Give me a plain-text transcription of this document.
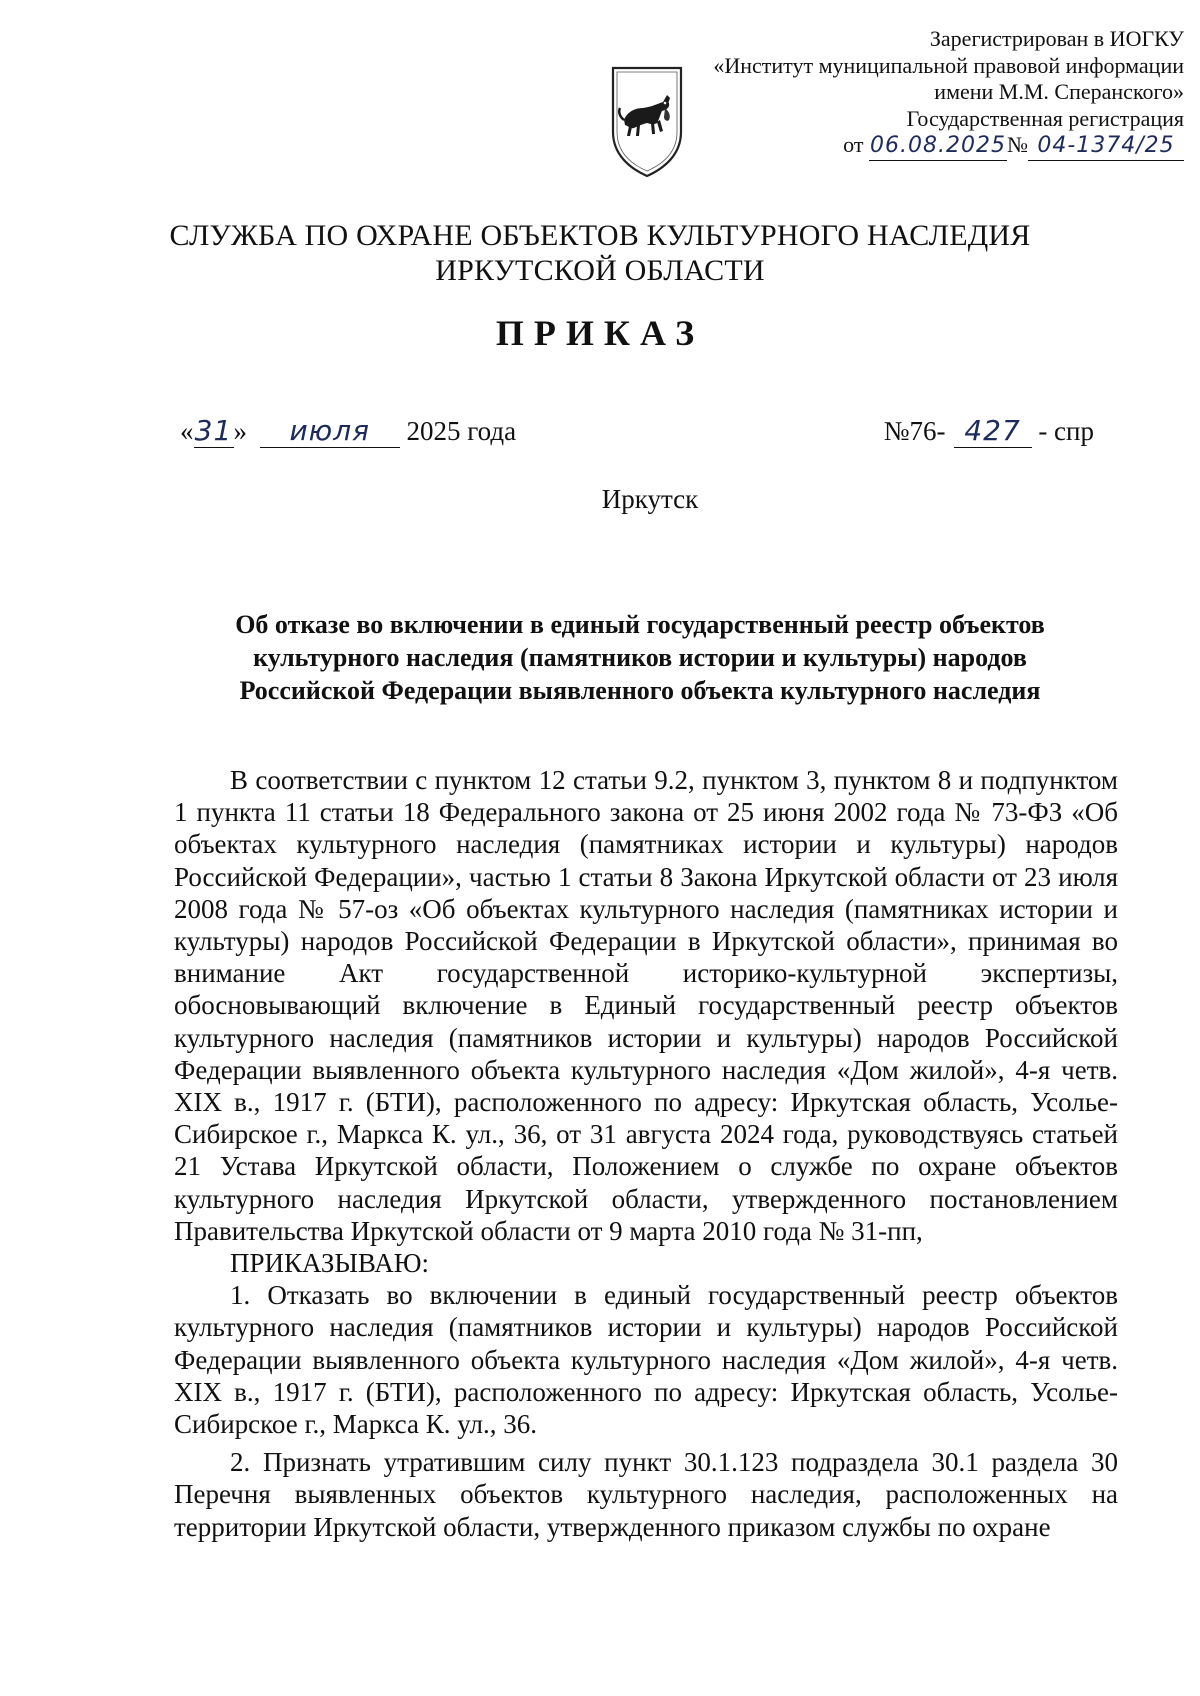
Зарегистрирован в ИОГКУ
«Институт муниципальной правовой информации
имени М.М. Сперанского»
Государственная регистрация
от 06.08.2025№ 04-1374/25
СЛУЖБА ПО ОХРАНЕ ОБЪЕКТОВ КУЛЬТУРНОГО НАСЛЕДИЯ
ИРКУТСКОЙ ОБЛАСТИ
ПРИКАЗ
«31» июля 2025 года	№76- 427 - спр
Иркутск
Об отказе во включении в единый государственный реестр объектов
культурного наследия (памятников истории и культуры) народов
Российской Федерации выявленного объекта культурного наследия

В соответствии с пунктом 12 статьи 9.2, пунктом 3, пунктом 8 и подпунктом 1 пункта 11 статьи 18 Федерального закона от 25 июня 2002 года № 73-ФЗ «Об объектах культурного наследия (памятниках истории и культуры) народов Российской Федерации», частью 1 статьи 8 Закона Иркутской области от 23 июля 2008 года № 57-оз «Об объектах культурного наследия (памятниках истории и культуры) народов Российской Федерации в Иркутской области», принимая во внимание Акт государственной историко-культурной экспертизы, обосновывающий включение в Единый государственный реестр объектов культурного наследия (памятников истории и культуры) народов Российской Федерации выявленного объекта культурного наследия «Дом жилой», 4-я четв. XIX в., 1917 г. (БТИ), расположенного по адресу: Иркутская область, Усолье-Сибирское г., Маркса К. ул., 36, от 31 августа 2024 года, руководствуясь статьей 21 Устава Иркутской области, Положением о службе по охране объектов культурного наследия Иркутской области, утвержденного постановлением Правительства Иркутской области от 9 марта 2010 года № 31-пп,

ПРИКАЗЫВАЮ:

1. Отказать во включении в единый государственный реестр объектов культурного наследия (памятников истории и культуры) народов Российской Федерации выявленного объекта культурного наследия «Дом жилой», 4-я четв. XIX в., 1917 г. (БТИ), расположенного по адресу: Иркутская область, Усолье-Сибирское г., Маркса К. ул., 36.

2. Признать утратившим силу пункт 30.1.123 подраздела 30.1 раздела 30 Перечня выявленных объектов культурного наследия, расположенных на территории Иркутской области, утвержденного приказом службы по охране
